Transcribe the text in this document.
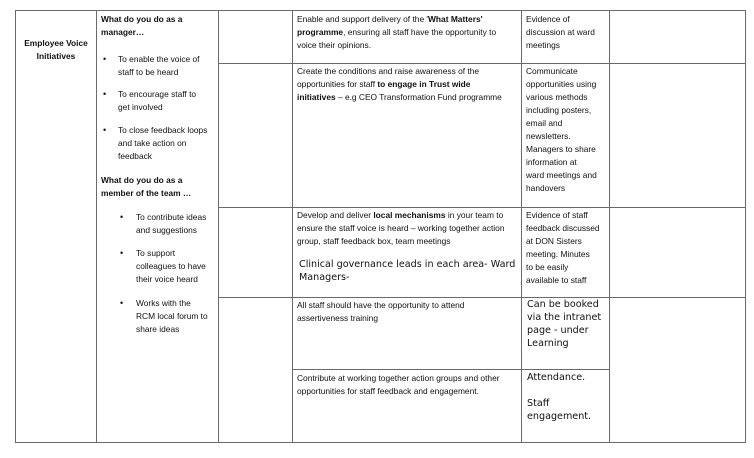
Employee Voice
Initiatives
What do you do as a
manager…
• To enable the voice of
staff to be heard
• To encourage staff to
get involved
• To close feedback loops
and take action on
feedback
What do you do as a
member of the team …
• To contribute ideas
and suggestions
• To support
colleagues to have
their voice heard
• Works with the
RCM local forum to
share ideas
Enable and support delivery of the 'What Matters'
programme, ensuring all staff have the opportunity to
voice their opinions.
Evidence of
discussion at ward
meetings
Create the conditions and raise awareness of the
opportunities for staff to engage in Trust wide
initiatives – e.g CEO Transformation Fund programme
Communicate
opportunities using
various methods
including posters,
email and
newsletters.
Managers to share
information at
ward meetings and
handovers
Develop and deliver local mechanisms in your team to
ensure the staff voice is heard – working together action
group, staff feedback box, team meetings
Clinical governance leads in each area- Ward
Managers-
Evidence of staff
feedback discussed
at DON Sisters
meeting. Minutes
to be easily
available to staff
All staff should have the opportunity to attend
assertiveness training
Can be booked
via the intranet
page - under
Learning
Contribute at working together action groups and other
opportunities for staff feedback and engagement.
Attendance.

Staff
engagement.
